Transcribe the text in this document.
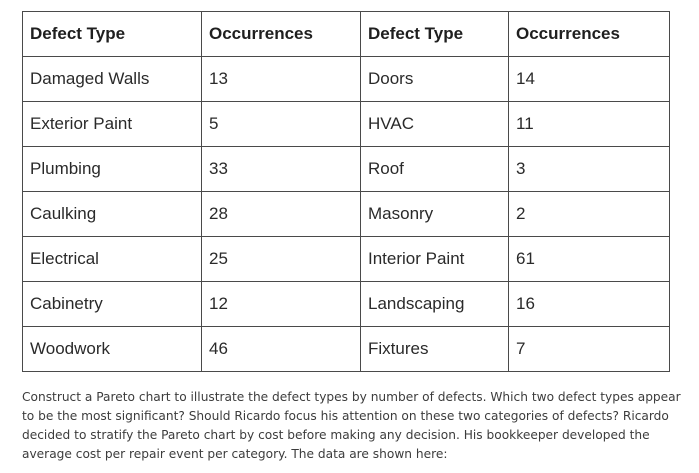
Defect Type	Occurrences	Defect Type	Occurrences
Damaged Walls	13	Doors	14
Exterior Paint	5	HVAC	11
Plumbing	33	Roof	3
Caulking	28	Masonry	2
Electrical	25	Interior Paint	61
Cabinetry	12	Landscaping	16
Woodwork	46	Fixtures	7

Construct a Pareto chart to illustrate the defect types by number of defects. Which two defect types appear to be the most significant? Should Ricardo focus his attention on these two categories of defects? Ricardo decided to stratify the Pareto chart by cost before making any decision. His bookkeeper developed the average cost per repair event per category. The data are shown here:
